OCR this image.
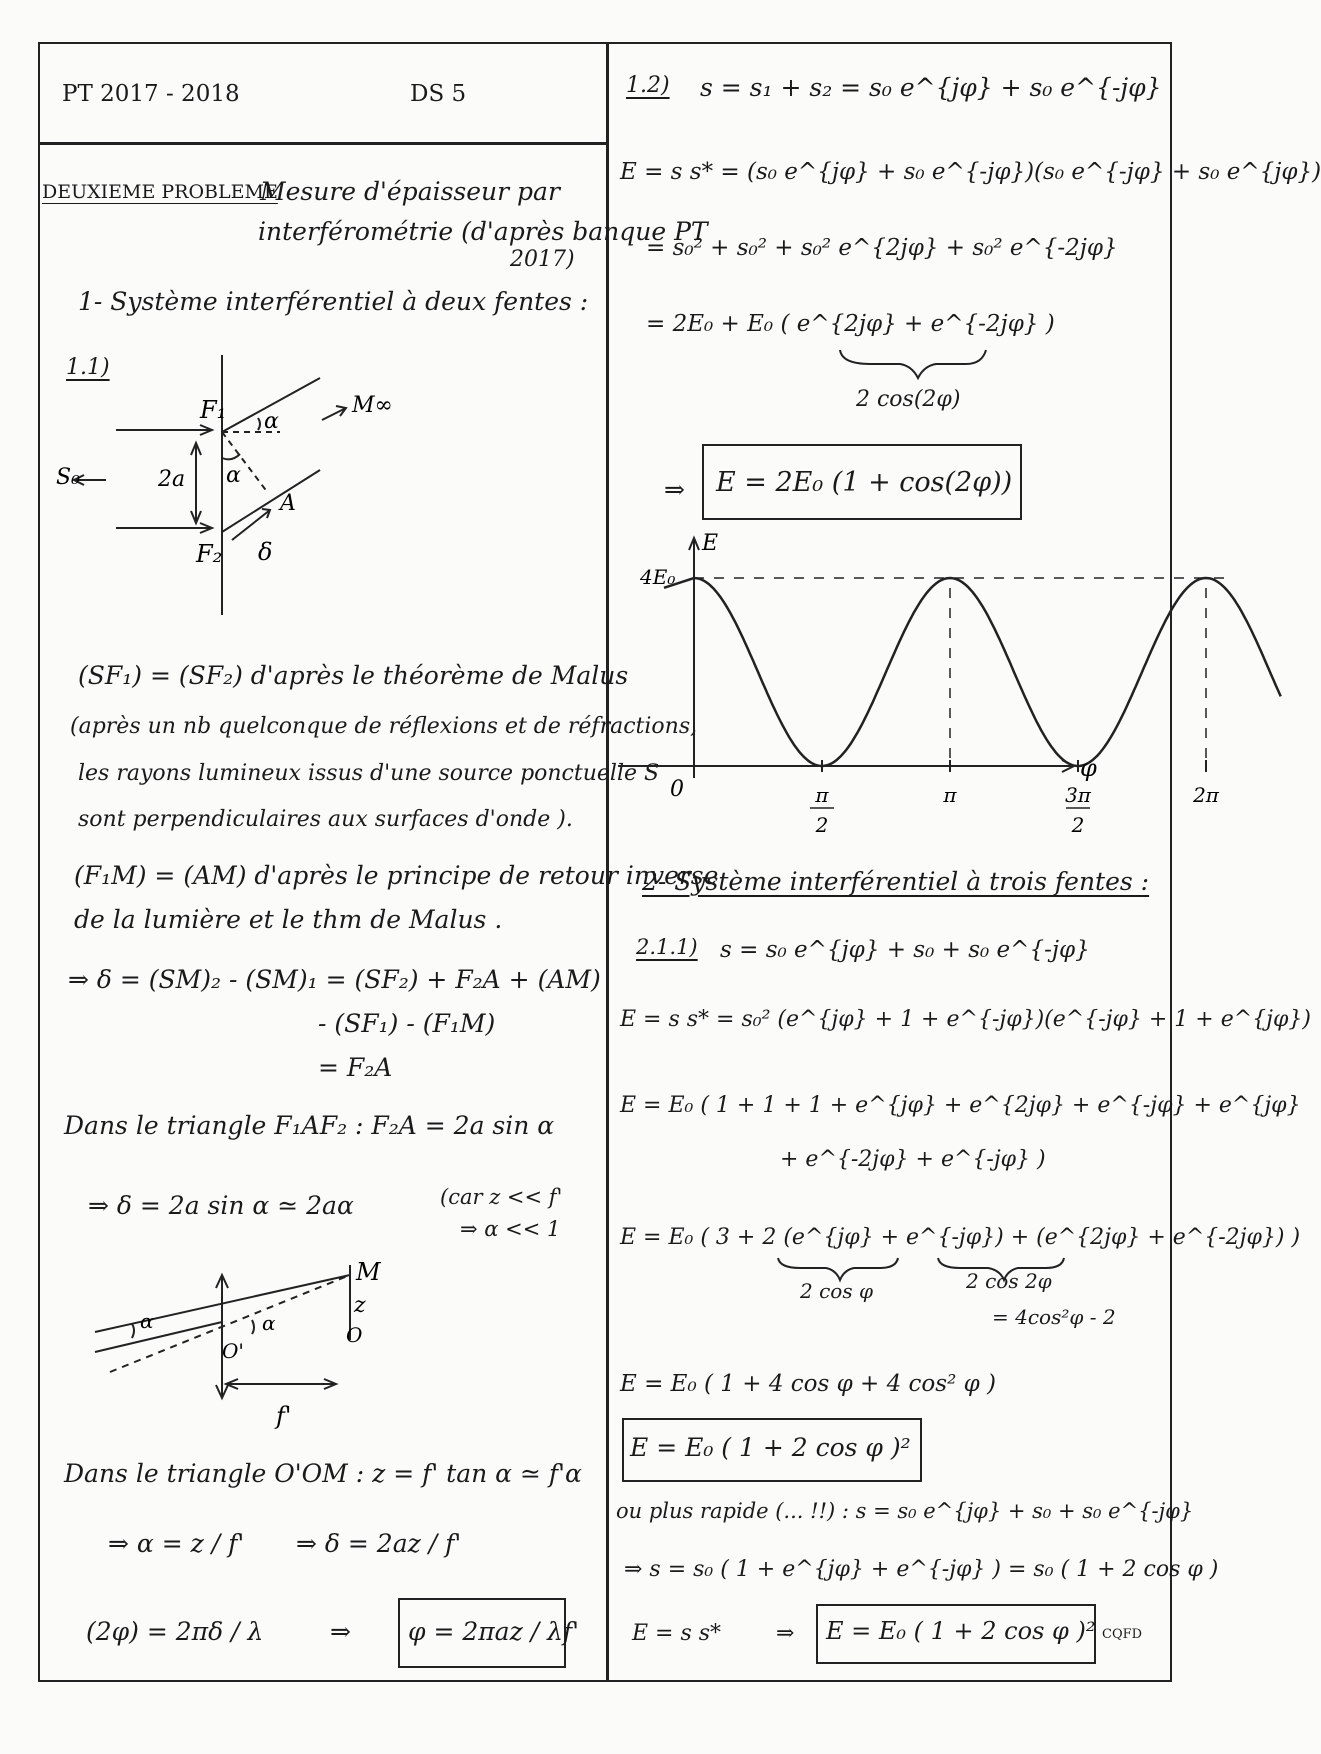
PT 2017 - 2018	DS 5
DEUXIEME PROBLEME
Mesure d'épaisseur par
interférométrie (d'après banque PT
2017)
1- Système interférentiel à deux fentes :
1.1)
F₁
F₂
M∞
S₀	2a α
α
A
δ
(SF₁) = (SF₂) d'après le théorème de Malus
(après un nb quelconque de réflexions et de réfractions,
les rayons lumineux issus d'une source ponctuelle S
sont perpendiculaires aux surfaces d'onde ).
(F₁M) = (AM) d'après le principe de retour inverse
de la lumière et le thm de Malus .
⇒ δ = (SM)₂ - (SM)₁ = (SF₂) + F₂A + (AM)
- (SF₁) - (F₁M)
= F₂A
Dans le triangle F₁AF₂ : F₂A = 2a sin α
⇒ δ = 2a sin α ≃ 2aα	(car z << f'
⇒ α << 1
M
z
O
O'
α	α
f'
Dans le triangle O'OM : z = f' tan α ≃ f'α
⇒ α = z / f' ⇒ δ = 2az / f'
(2φ) = 2πδ / λ	⇒ φ = 2πaz / λf'
1.2) s = s₁ + s₂ = s₀ e^{jφ} + s₀ e^{-jφ}
E = s s* = (s₀ e^{jφ} + s₀ e^{-jφ})(s₀ e^{-jφ} + s₀ e^{jφ})
= s₀² + s₀² + s₀² e^{2jφ} + s₀² e^{-2jφ}
= 2E₀ + E₀ ( e^{2jφ} + e^{-2jφ} )
2 cos(2φ)
⇒ E = 2E₀ (1 + cos(2φ))
π 2
π	3π 2
2π
E
φ
4E₀
0
2- Système interférentiel à trois fentes :
2.1.1) s = s₀ e^{jφ} + s₀ + s₀ e^{-jφ}
E = s s* = s₀² (e^{jφ} + 1 + e^{-jφ})(e^{-jφ} + 1 + e^{jφ})
E = E₀ ( 1 + 1 + 1 + e^{jφ} + e^{2jφ} + e^{-jφ} + e^{jφ}
+ e^{-2jφ} + e^{-jφ} )
E = E₀ ( 3 + 2 (e^{jφ} + e^{-jφ}) + (e^{2jφ} + e^{-2jφ}) )
2 cos φ	2 cos 2φ
= 4cos²φ - 2
E = E₀ ( 1 + 4 cos φ + 4 cos² φ )
E = E₀ ( 1 + 2 cos φ )²
ou plus rapide (... !!) : s = s₀ e^{jφ} + s₀ + s₀ e^{-jφ}
⇒ s = s₀ ( 1 + e^{jφ} + e^{-jφ} ) = s₀ ( 1 + 2 cos φ )
E = s s* ⇒ E = E₀ ( 1 + 2 cos φ )² CQFD
